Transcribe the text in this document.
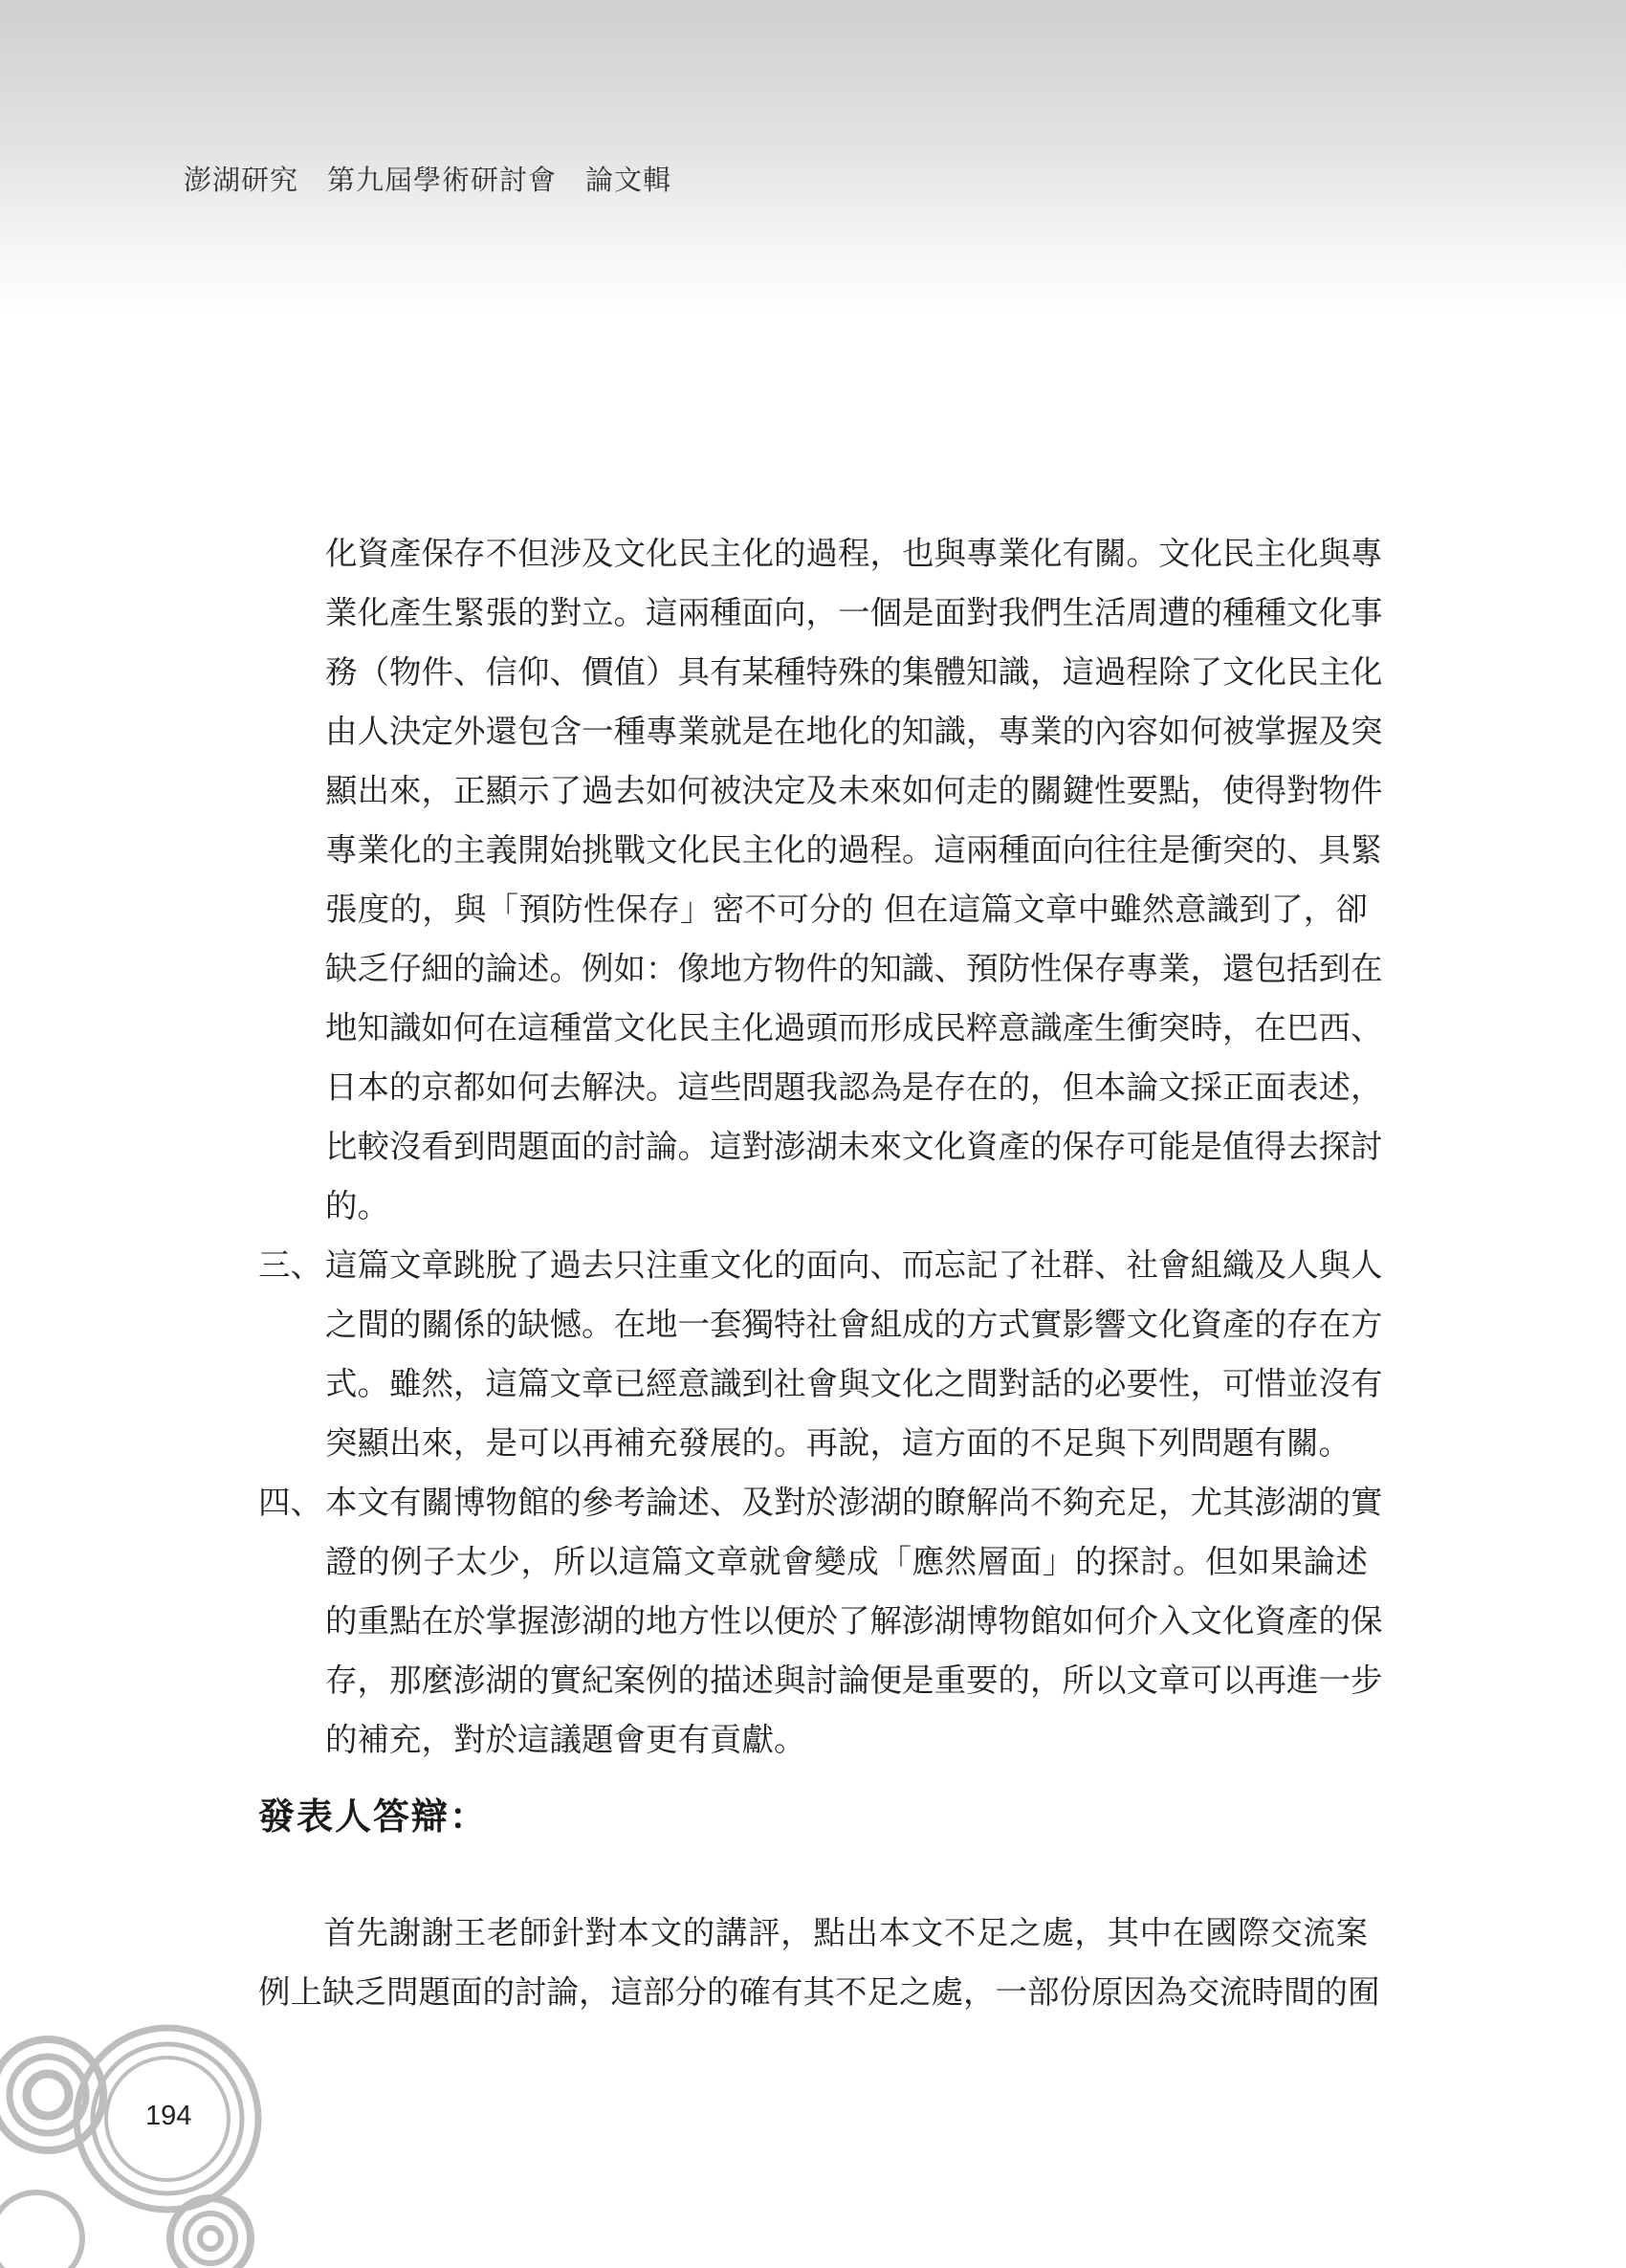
澎湖研究　第九屆學術研討會　論文輯
化資產保存不但涉及文化民主化的過程，也與專業化有關。文化民主化與專
業化產生緊張的對立。這兩種面向，一個是面對我們生活周遭的種種文化事
務（物件、信仰、價值）具有某種特殊的集體知識，這過程除了文化民主化
由人決定外還包含一種專業就是在地化的知識，專業的內容如何被掌握及突
顯出來，正顯示了過去如何被決定及未來如何走的關鍵性要點，使得對物件
專業化的主義開始挑戰文化民主化的過程。這兩種面向往往是衝突的、具緊
張度的，與「預防性保存」密不可分的 但在這篇文章中雖然意識到了，卻
缺乏仔細的論述。例如：像地方物件的知識、預防性保存專業，還包括到在
地知識如何在這種當文化民主化過頭而形成民粹意識產生衝突時，在巴西、
日本的京都如何去解決。這些問題我認為是存在的，但本論文採正面表述，
比較沒看到問題面的討論。這對澎湖未來文化資產的保存可能是值得去探討
的。
三、 這篇文章跳脫了過去只注重文化的面向、而忘記了社群、社會組織及人與人
之間的關係的缺憾。在地一套獨特社會組成的方式實影響文化資產的存在方
式。雖然，這篇文章已經意識到社會與文化之間對話的必要性，可惜並沒有
突顯出來，是可以再補充發展的。再說，這方面的不足與下列問題有關。
四、 本文有關博物館的參考論述、及對於澎湖的瞭解尚不夠充足，尤其澎湖的實
證的例子太少，所以這篇文章就會變成「應然層面」的探討。但如果論述
的重點在於掌握澎湖的地方性以便於了解澎湖博物館如何介入文化資產的保
存，那麼澎湖的實紀案例的描述與討論便是重要的，所以文章可以再進一步
的補充，對於這議題會更有貢獻。
發表人答辯：
　　首先謝謝王老師針對本文的講評，點出本文不足之處，其中在國際交流案
例上缺乏問題面的討論，這部分的確有其不足之處，一部份原因為交流時間的囿
194
